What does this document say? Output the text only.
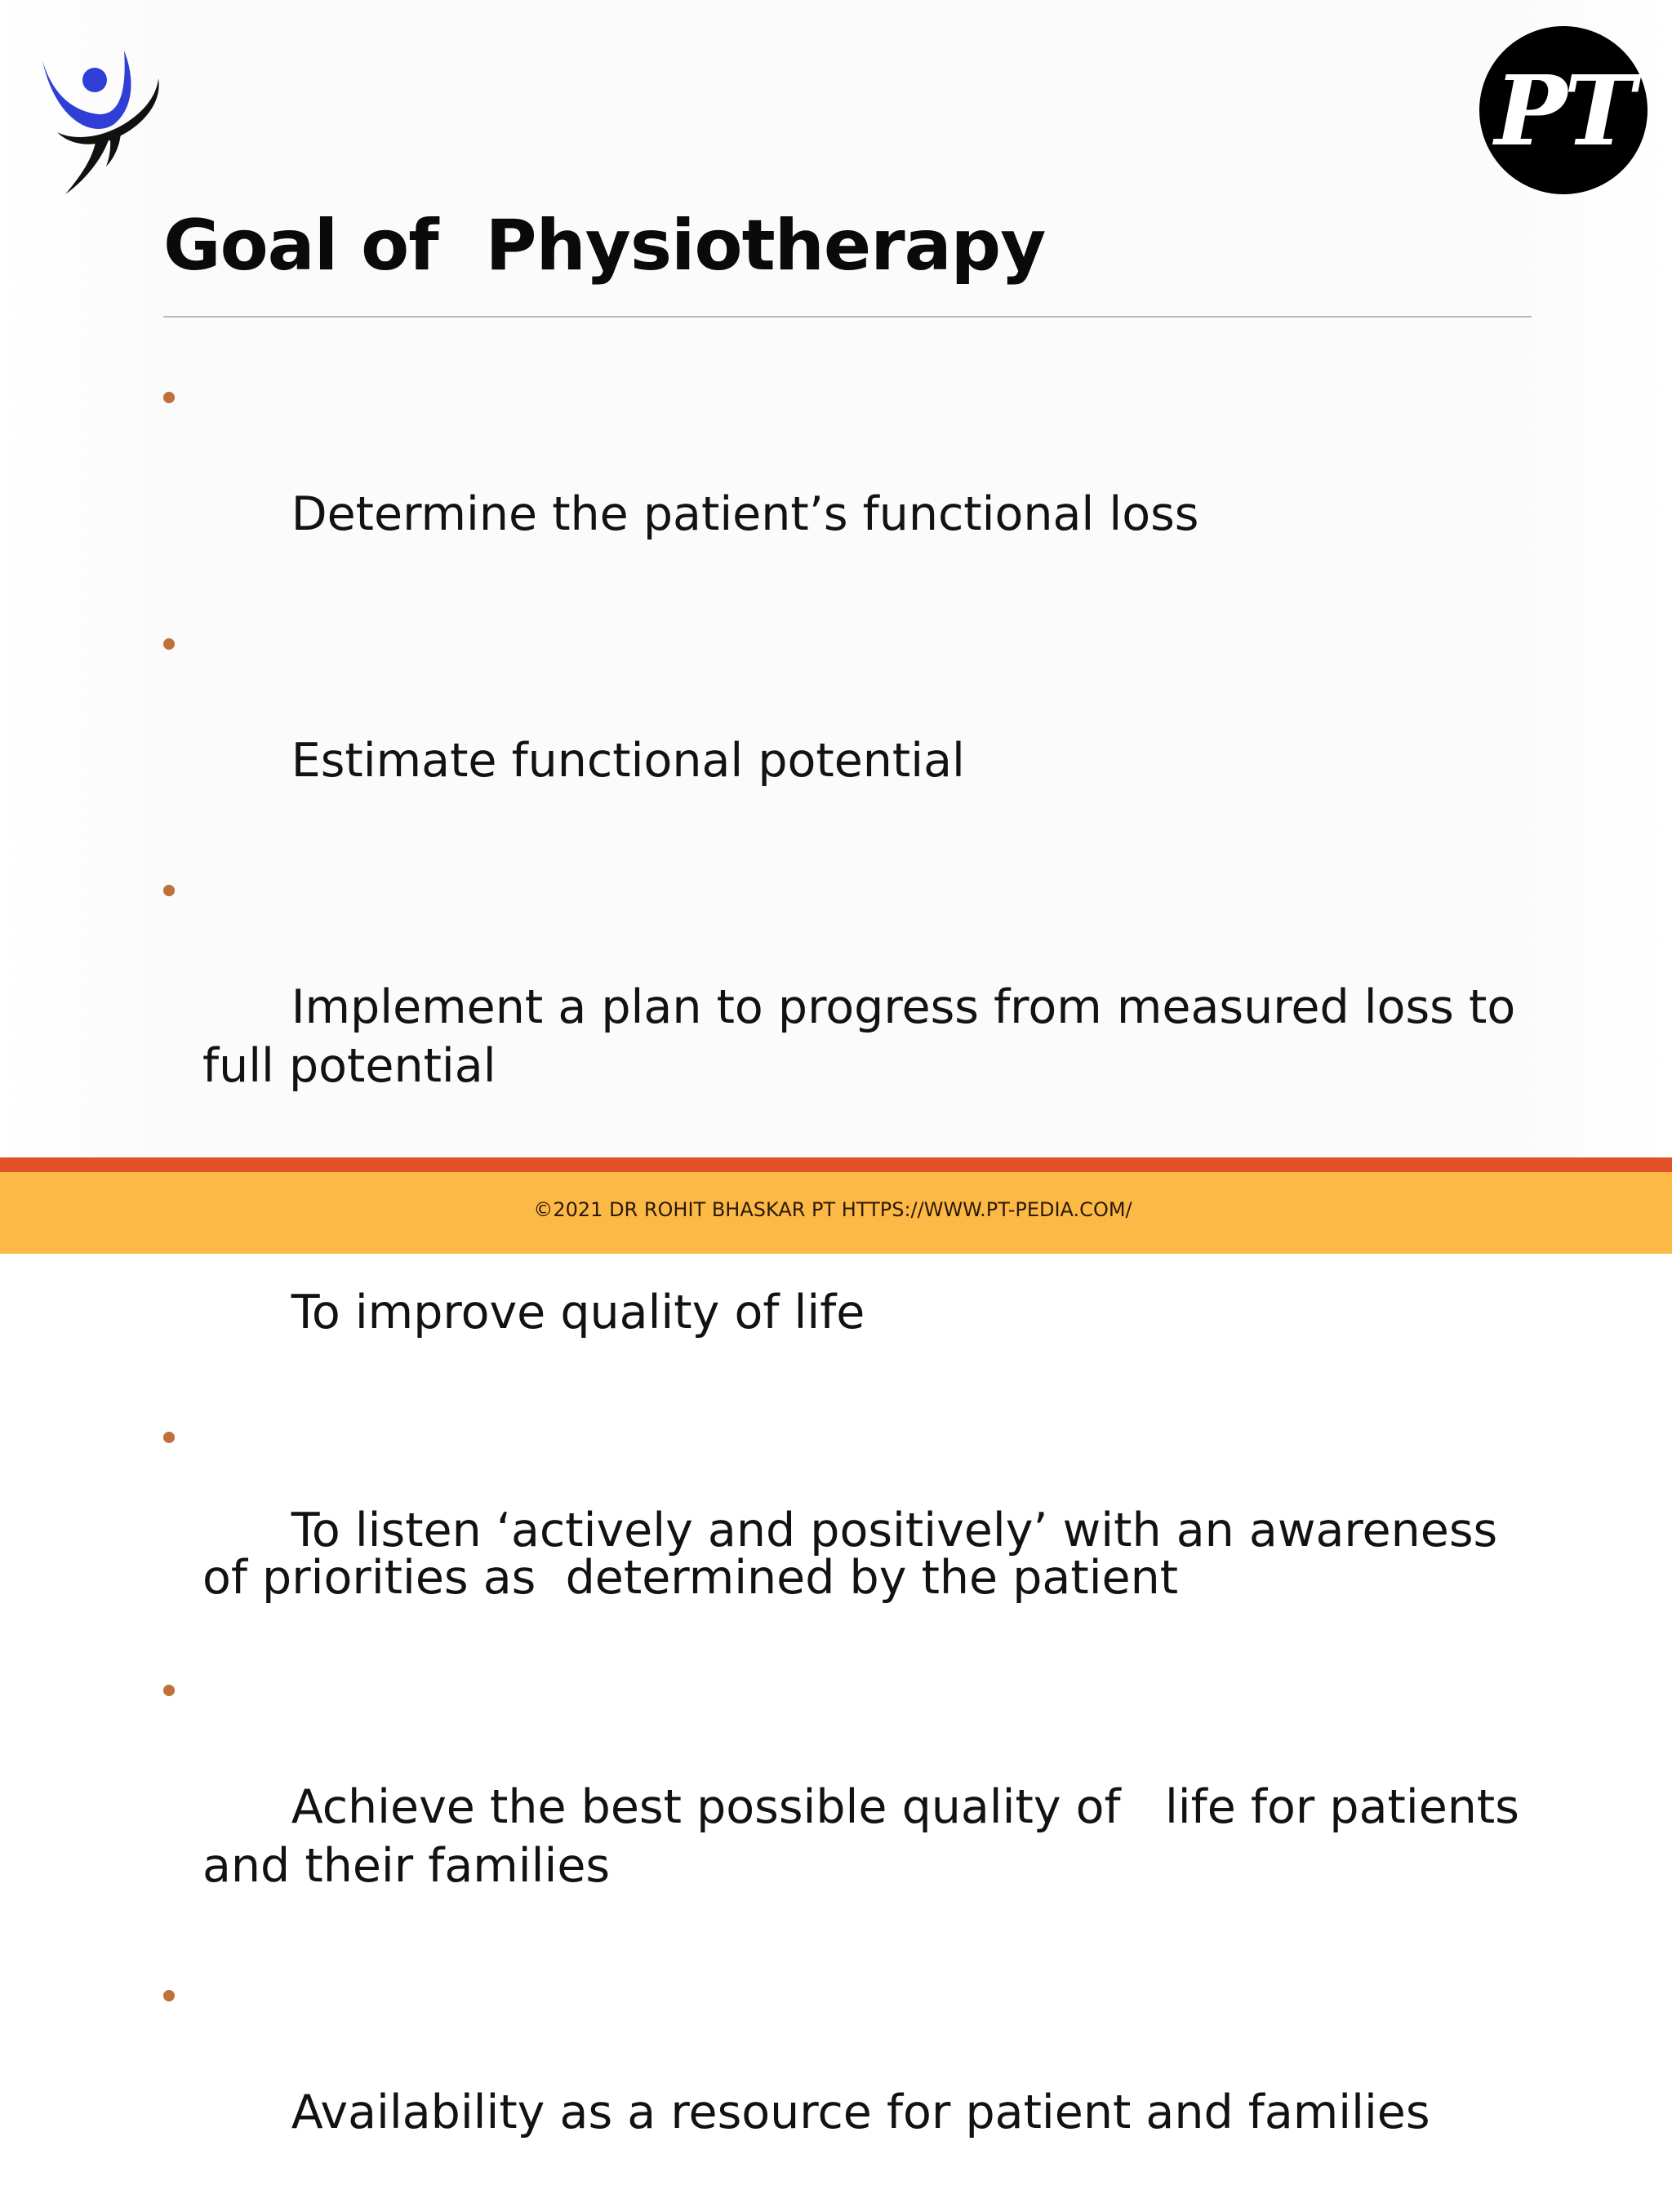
PT
Goal of  Physiotherapy

Determine the patient’s functional loss

Estimate functional potential

Implement a plan to progress from measured loss to full potential

To improve quality of life

To listen ‘actively and positively’ with an awareness of priorities as  determined by the patient

Achieve the best possible quality of   life for patients and their families

Availability as a resource for patient and families

©2021 DR ROHIT BHASKAR PT HTTPS://WWW.PT-PEDIA.COM/
